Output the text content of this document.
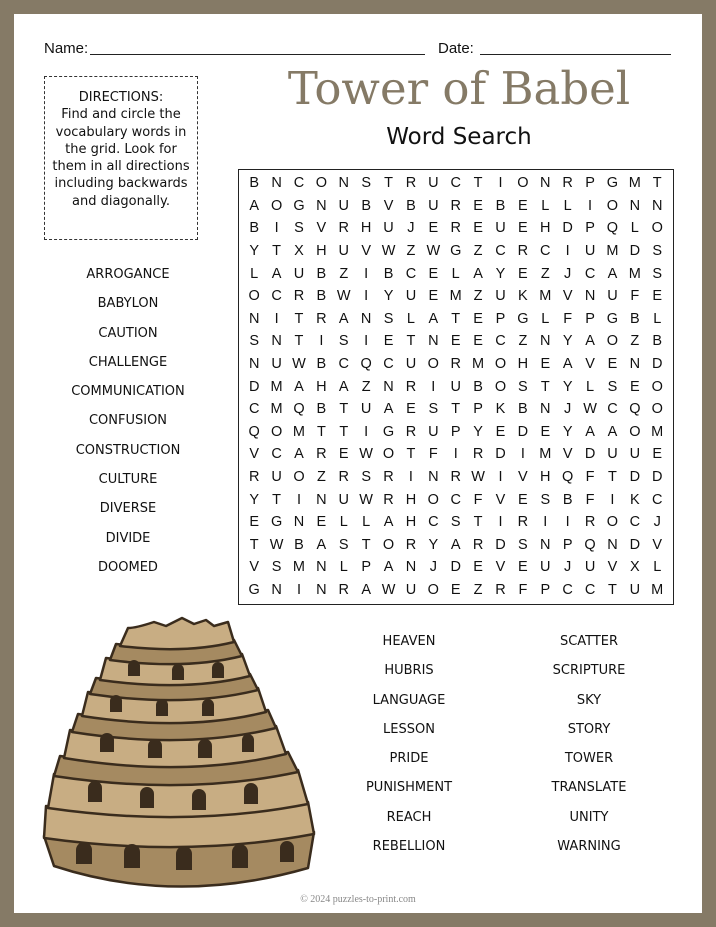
Name:	Date:
DIRECTIONS:
Find and circle the vocabulary words in the grid. Look for them in all directions including backwards and diagonally.
Tower of Babel
Word Search
B N C O N S T R U C T	I	O N R P G M T
A O G N U B V B U R E B E L L	I	O N N
B	I	S V R H U J E R E U E H D P Q L O
Y T X H U V W Z W G Z C R C	I	U M D S
L A U B Z	I	B C E L A Y E Z J C A M S
O C R B W I	Y U E M Z U K M V N U F E
N	I	T R A N S L A T E P G L F P G B L
S N T	I	S	I	E T N E E C Z N Y A O Z B
N U W B C Q C U O R M O H E A V E N D
D M A H A Z N R	I	U B O S T Y L S E O
C M Q B T U A E S T P K B N J W C Q O
Q O M T T	I	G R U P Y E D E Y A A O M
V C A R E W O T F	I	R D	I M V D U U E
R U O Z R S R	I	N R W I	V H Q F T D D
Y T	I	N U W R H O C F V E S B F	I	K C
E G N E L L A H C S T	I	R	I	I	R O C J
T W B A S T O R Y A R D S N P Q N D V
V S M N L P A N J D E V E U J U V X L
G N	I	N R A W U O E Z R F P C C T U M
ARROGANCE
BABYLON
CAUTION
CHALLENGE
COMMUNICATION
CONFUSION
CONSTRUCTION
CULTURE
DIVERSE
DIVIDE
DOOMED
HEAVEN
HUBRIS
LANGUAGE
LESSON
PRIDE
PUNISHMENT
REACH
REBELLION
SCATTER
SCRIPTURE
SKY
STORY
TOWER
TRANSLATE
UNITY
WARNING
© 2024 puzzles-to-print.com
